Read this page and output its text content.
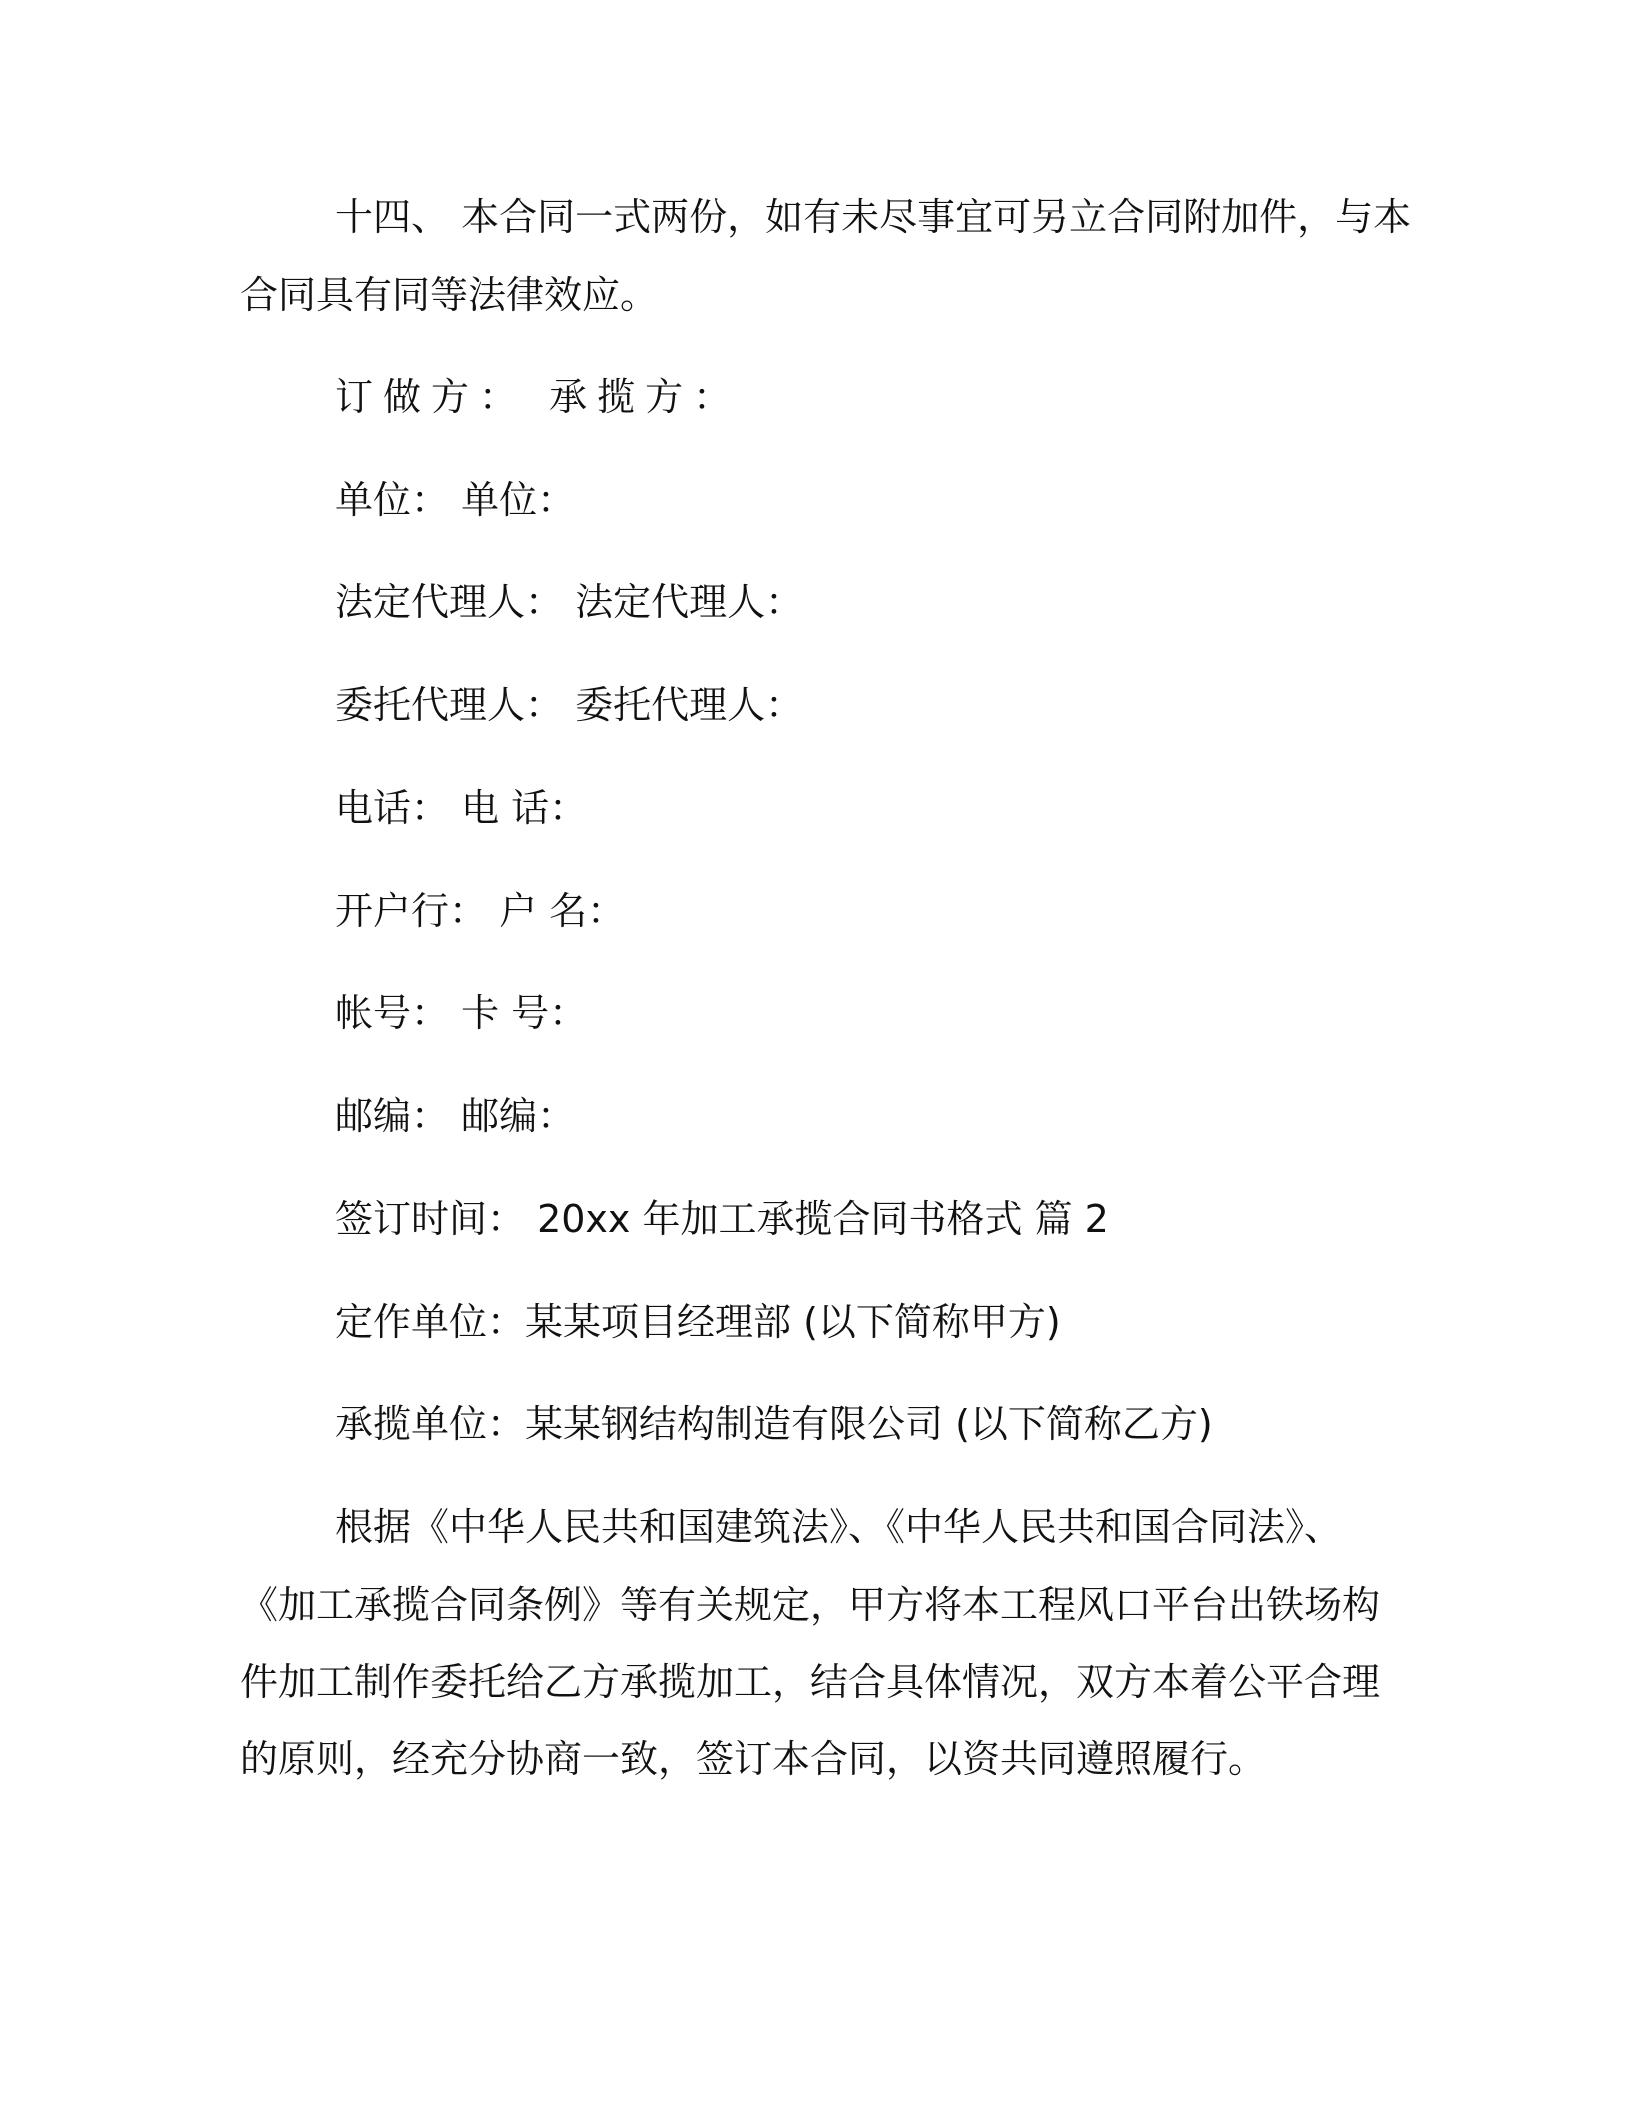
十四、 本合同一式两份，如有未尽事宜可另立合同附加件，与本

合同具有同等法律效应。

订做方： 承揽方：

单位： 单位：

法定代理人： 法定代理人：

委托代理人： 委托代理人：

电话： 电 话：

开户行： 户 名：

帐号： 卡 号：

邮编： 邮编：

签订时间： 20xx 年加工承揽合同书格式 篇 2

定作单位：某某项目经理部 (以下简称甲方)

承揽单位：某某钢结构制造有限公司 (以下简称乙方)

根据《中华人民共和国建筑法》、《中华人民共和国合同法》、

《加工承揽合同条例》等有关规定，甲方将本工程风口平台出铁场构

件加工制作委托给乙方承揽加工，结合具体情况，双方本着公平合理

的原则，经充分协商一致，签订本合同，以资共同遵照履行。
